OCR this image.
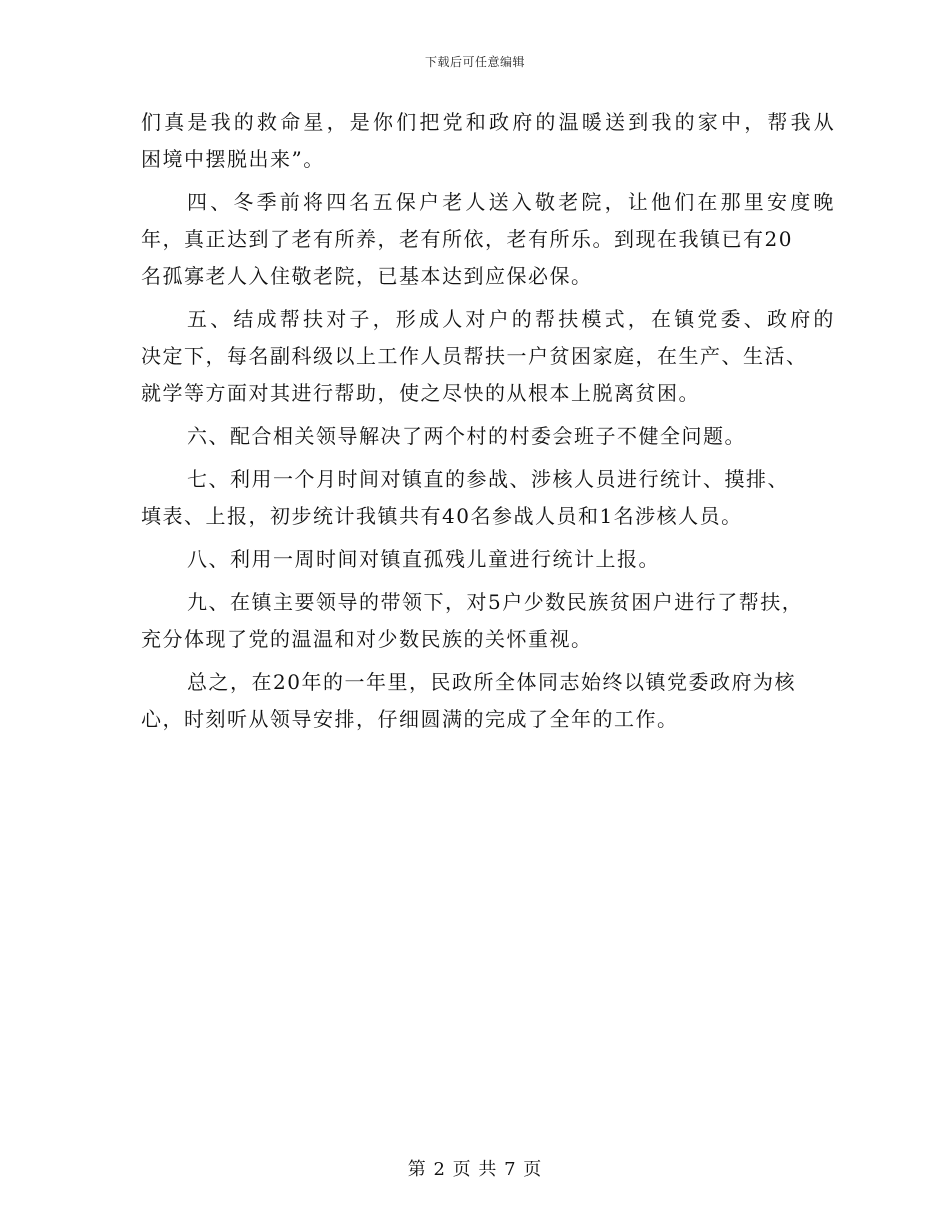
下载后可任意编辑
们真是我的救命星，是你们把党和政府的温暖送到我的家中，帮我从
困境中摆脱出来”。
四、冬季前将四名五保户老人送入敬老院，让他们在那里安度晚
年，真正达到了老有所养，老有所依，老有所乐。到现在我镇已有20
名孤寡老人入住敬老院，已基本达到应保必保。
五、结成帮扶对子，形成人对户的帮扶模式，在镇党委、政府的
决定下，每名副科级以上工作人员帮扶一户贫困家庭，在生产、生活、
就学等方面对其进行帮助，使之尽快的从根本上脱离贫困。
六、配合相关领导解决了两个村的村委会班子不健全问题。
七、利用一个月时间对镇直的参战、涉核人员进行统计、摸排、
填表、上报，初步统计我镇共有40名参战人员和1名涉核人员。
八、利用一周时间对镇直孤残儿童进行统计上报。
九、在镇主要领导的带领下，对5户少数民族贫困户进行了帮扶，
充分体现了党的温温和对少数民族的关怀重视。
总之，在20年的一年里，民政所全体同志始终以镇党委政府为核
心，时刻听从领导安排，仔细圆满的完成了全年的工作。
第 2 页 共 7 页
